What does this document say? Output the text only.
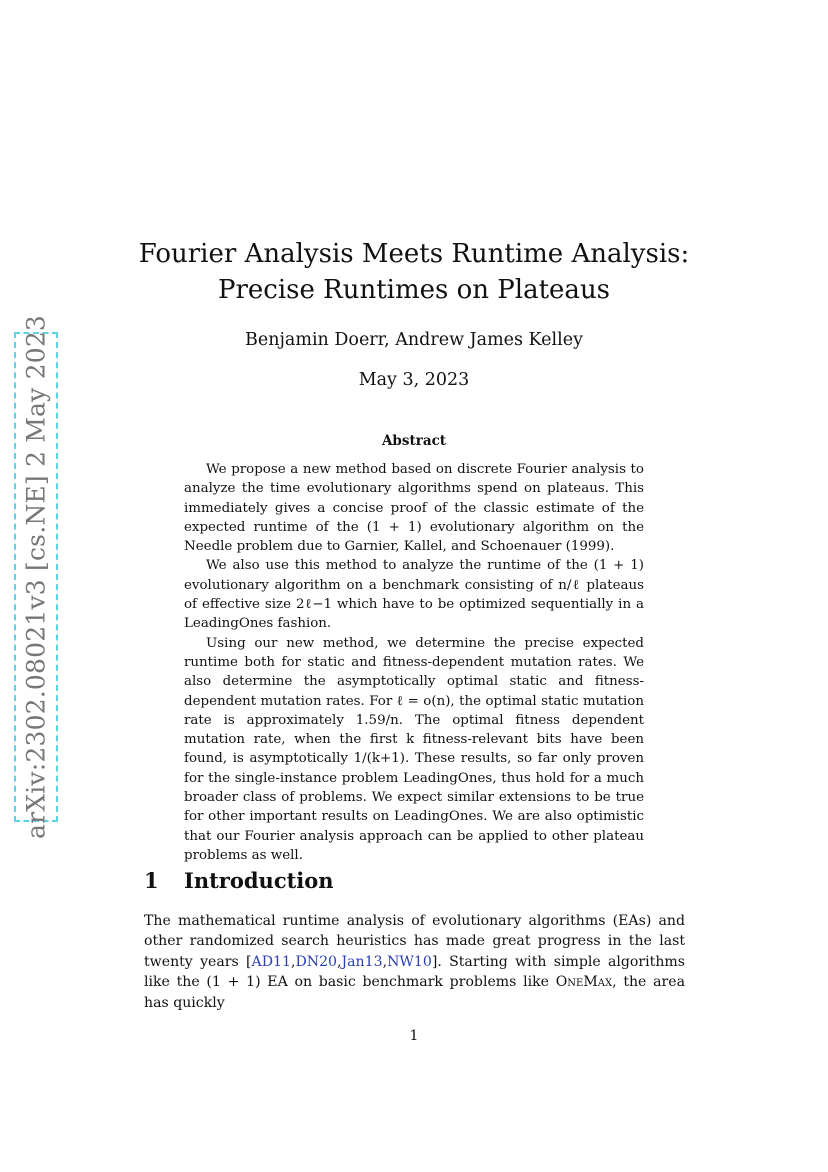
arXiv:2302.08021v3 [cs.NE] 2 May 2023
Fourier Analysis Meets Runtime Analysis:
Precise Runtimes on Plateaus
Benjamin Doerr, Andrew James Kelley
May 3, 2023
Abstract

We propose a new method based on discrete Fourier analysis to analyze the time evolutionary algorithms spend on plateaus. This immediately gives a concise proof of the classic estimate of the expected runtime of the (1 + 1) evolutionary algorithm on the Needle problem due to Garnier, Kallel, and Schoenauer (1999).

We also use this method to analyze the runtime of the (1 + 1) evolutionary algorithm on a benchmark consisting of n/ℓ plateaus of effective size 2ℓ−1 which have to be optimized sequentially in a LeadingOnes fashion.

Using our new method, we determine the precise expected runtime both for static and fitness-dependent mutation rates. We also determine the asymptotically optimal static and fitness-dependent mutation rates. For ℓ = o(n), the optimal static mutation rate is approximately 1.59/n. The optimal fitness dependent mutation rate, when the first k fitness-relevant bits have been found, is asymptotically 1/(k+1). These results, so far only proven for the single-instance problem LeadingOnes, thus hold for a much broader class of problems. We expect similar extensions to be true for other important results on LeadingOnes. We are also optimistic that our Fourier analysis approach can be applied to other plateau problems as well.

1 Introduction

The mathematical runtime analysis of evolutionary algorithms (EAs) and other randomized search heuristics has made great progress in the last twenty years [AD11,DN20,Jan13,NW10]. Starting with simple algorithms like the (1 + 1) EA on basic benchmark problems like OneMax, the area has quickly

1
